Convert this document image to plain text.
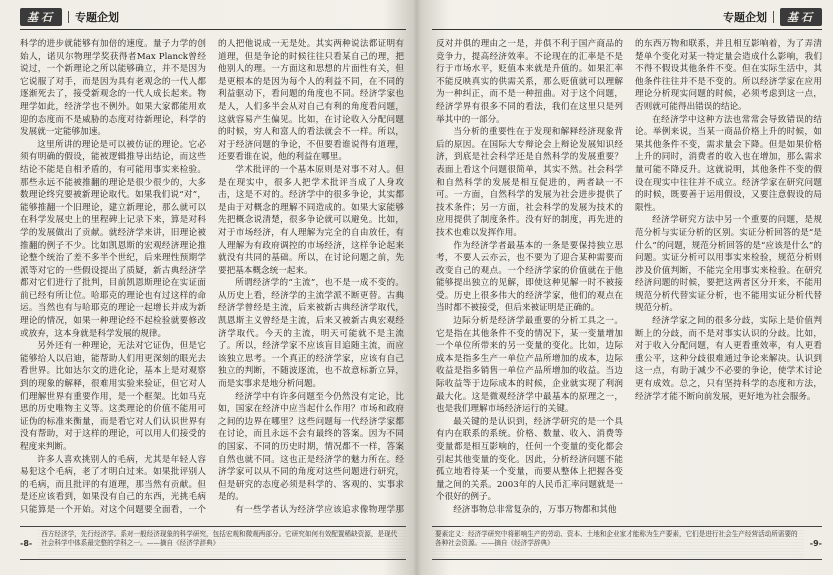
基石	专题企划

科学的进步就能够有加倍的速度。量子力学的创始人，诺贝尔物理学奖获得者Max Planck曾经说过，一个新理论之所以能够确立，并不是因为它说服了对手，而是因为具有老观念的一代人都逐渐死去了，接受新观念的一代人成长起来。物理学如此，经济学也不例外。如果大家都能用欢迎的态度而不是威胁的态度对待新理论，科学的发展就一定能够加速。

这里所讲的理论是可以被仿证的理论。它必须有明确的假设，能被逻辑推导出结论，而这些结论不能是自相矛盾的，有可能用事实来检验。那些永远不能被推翻的理论是很少很少的，大多数理论终究要被新理论取代。如果我们说“对”，能够推翻一个旧理论，建立新理论，那么就可以在科学发展史上的里程碑上记录下来，算是对科学的发展做出了贡献。就经济学来讲，旧理论被推翻的例子不少。比如凯恩斯的宏观经济理论推论整个统治了差不多半个世纪，后来理性预期学派等对它的一些假设提出了质疑，新古典经济学都对它们进行了批判，目前凯恩斯理论在实证面前已经有所让位。哈耶克的理论也有过这样的命运。当然也有与哈耶克的理论一起增长并成为新理论的情况，如果一种理论经不起检验就要修改或放弃，这本身就是科学发展的规律。

另外还有一种理论，无法对它证伪，但是它能够给人以启迪，能帮助人们用更深刻的眼光去看世界。比如达尔文的进化论，基本上是对观察到的现象的解释，很难用实验来验证，但它对人们理解世界有重要作用，是一个框架。比如马克思的历史唯物主义等。这类理论的价值不能用可证伪的标准来衡量，而是看它对人们认识世界有没有帮助，对于这样的理论，可以用人们接受的程度来判断。

许多人喜欢挑别人的毛病，尤其是年轻人容易犯这个毛病，老了才明白过来。如果批评别人的毛病，而且批评的有道理，那当然有贡献。但是还应该看到，如果没有自己的东西，光挑毛病只能算是一个开始。对这个问题要全面看，一个

的人把他说成一无是处。其实两种说法都证明有道理，但是争论的时候往往只看某自己的理，把他别人的理。一方面这和思想的片面性有关，但是更根本的是因为每个人的利益不同，在不同的利益驱动下，看问题的角度也不同。经济学家也是人，人们多半会从对自己有利的角度看问题，这就容易产生偏见。比如，在讨论收入分配问题的时候，穷人和富人的看法就会不一样。所以，对于经济问题的争论，不但要看谁说得有道理，还要看谁在说，他的利益在哪里。

学术批评的一个基本原则是对事不对人。但是在现实中，很多人把学术批评当成了人身攻击，这是不对的。经济学中的很多争论，其实都是由于对概念的理解不同造成的。如果大家能够先把概念说清楚，很多争论就可以避免。比如，对于市场经济，有人理解为完全的自由放任，有人理解为有政府调控的市场经济，这样争论起来就没有共同的基础。所以，在讨论问题之前，先要把基本概念统一起来。

所谓经济学的“主流”，也不是一成不变的。从历史上看，经济学的主流学派不断更替。古典经济学曾经是主流，后来被新古典经济学取代，凯恩斯主义曾经是主流，后来又被新古典宏观经济学取代。今天的主流，明天可能就不是主流了。所以，经济学家不应该盲目追随主流，而应该独立思考。一个真正的经济学家，应该有自己独立的判断，不随波逐流，也不故意标新立异，而是实事求是地分析问题。

经济学中有许多问题至今仍然没有定论，比如，国家在经济中应当起什么作用？市场和政府之间的边界在哪里？这些问题每一代经济学家都在讨论，而且永远不会有最终的答案。因为不同的国家、不同的历史时期，情况都不一样，答案自然也就不同。这也正是经济学的魅力所在。经济学家可以从不同的角度对这些问题进行研究，但是研究的态度必须是科学的、客观的、实事求是的。

有一些学者认为经济学应该追求像物理学那

-8-
西方经济学，先行经济学。系对一般经济现象的科学研究，包括宏观和微观两部分。它研究如何有效配置稀缺资源，是现代社会科学中体系最完整的学科之一。——摘自《经济学辞典》
专题企划	基石

反对并俱的理由之一是，并俱不利于国产商品的竞争力，提高经济效率。不论现在的汇率是不是行于市场水平，贬值本来就是升值的。如果汇率不能反映真实的供需关系，那么贬值就可以理解为一种纠正，而不是一种扭曲。对于这个问题，经济学界有很多不同的看法，我们在这里只是列举其中的一部分。

当分析的重要性在于发现和解释经济现象背后的原因。在国际大专辩论会上辩论发展知识经济，到底是社会科学还是自然科学的发展重要？表面上看这个问题很简单，其实不然。社会科学和自然科学的发展是相互促进的，两者缺一不可。一方面，自然科学的发展为社会进步提供了技术条件；另一方面，社会科学的发展为技术的应用提供了制度条件。没有好的制度，再先进的技术也难以发挥作用。

作为经济学者最基本的一条是要保持独立思考，不要人云亦云，也不要为了迎合某种需要而改变自己的观点。一个经济学家的价值就在于他能够提出独立的见解，即使这种见解一时不被接受。历史上很多伟大的经济学家，他们的观点在当时都不被接受，但后来被证明是正确的。

边际分析是经济学最重要的分析工具之一。它是指在其他条件不变的情况下，某一变量增加一个单位所带来的另一变量的变化。比如，边际成本是指多生产一单位产品所增加的成本，边际收益是指多销售一单位产品所增加的收益。当边际收益等于边际成本的时候，企业就实现了利润最大化。这是微观经济学中最基本的原理之一，也是我们理解市场经济运行的关键。

最关键的是认识到，经济学研究的是一个具有内在联系的系统。价格、数量、收入、消费等变量都是相互影响的，任何一个变量的变化都会引起其他变量的变化。因此，分析经济问题不能孤立地看待某一个变量，而要从整体上把握各变量之间的关系。2003年的人民币汇率问题就是一个很好的例子。

经济事物总非常复杂的，万事万物都和其他

的东西万物和联系，并且相互影响着，为了弄清楚单个变化对某一特定量会造成什么影响，我们不得不假设其他条件不变。但在实际生活中，其他条件往往并不是不变的。所以经济学家在应用理论分析现实问题的时候，必须考虑到这一点，否则就可能得出错误的结论。

在经济学中这种方法也常常会导致错误的结论。举例来说，当某一商品价格上升的时候，如果其他条件不变，需求量会下降。但是如果价格上升的同时，消费者的收入也在增加，那么需求量可能不降反升。这就说明，其他条件不变的假设在现实中往往并不成立。经济学家在研究问题的时候，既要善于运用假设，又要注意假设的局限性。

经济学研究方法中另一个重要的问题，是规范分析与实证分析的区别。实证分析回答的是“是什么”的问题，规范分析回答的是“应该是什么”的问题。实证分析可以用事实来检验，规范分析则涉及价值判断，不能完全用事实来检验。在研究经济问题的时候，要把这两者区分开来，不能用规范分析代替实证分析，也不能用实证分析代替规范分析。

经济学家之间的很多分歧，实际上是价值判断上的分歧，而不是对事实认识的分歧。比如，对于收入分配问题，有人更看重效率，有人更看重公平，这种分歧很难通过争论来解决。认识到这一点，有助于减少不必要的争论，使学术讨论更有成效。总之，只有坚持科学的态度和方法，经济学才能不断向前发展，更好地为社会服务。

-9-
要素定义：经济学研究中将影响生产的劳动、资本、土地和企业家才能称为生产要素，它们是进行社会生产经营活动所需要的各种社会资源。——摘自《经济学辞典》
